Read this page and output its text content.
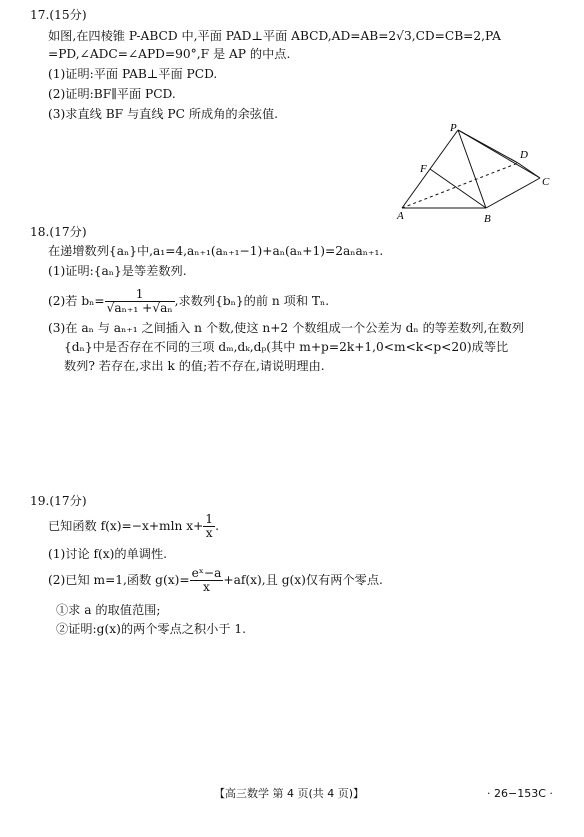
17.(15分)
如图,在四棱锥 P-ABCD 中,平面 PAD⊥平面 ABCD,AD=AB=2√3,CD=CB=2,PA
=PD,∠ADC=∠APD=90°,F 是 AP 的中点.
(1)证明:平面 PAB⊥平面 PCD.
(2)证明:BF∥平面 PCD.
(3)求直线 BF 与直线 PC 所成角的余弦值.
P
D
C
F
A	B
18.(17分)
在递增数列{aₙ}中,a₁=4,aₙ₊₁(aₙ₊₁−1)+aₙ(aₙ+1)=2aₙaₙ₊₁.
(1)证明:{aₙ}是等差数列.
(2)若 $b_n= \frac{1}{\text{√aₙ₊₁ +√aₙ}}$ ,求数列{bₙ}的前 n 项和 Tₙ.
(3)在 aₙ 与 aₙ₊₁ 之间插入 n 个数,使这 n+2 个数组成一个公差为 dₙ 的等差数列,在数列
{dₙ}中是否存在不同的三项 dₘ,dₖ,dₚ(其中 m+p=2k+1,0<m<k<p<20)成等比
数列? 若存在,求出 k 的值;若不存在,请说明理由.
19.(17分)
已知函数 f(x)=−x+mln $x+ \frac{1}{x}$ .
(1)讨论 f(x)的单调性.
(2)已知 m=1,函数 $g(x)= \frac{\text{eˣ−a}}{x} +af(x)$,且 g(x)仅有两个零点.
①求 a 的取值范围;
②证明:g(x)的两个零点之积小于 1.
【高三数学 第 4 页(共 4 页)】	· 26−153C ·
